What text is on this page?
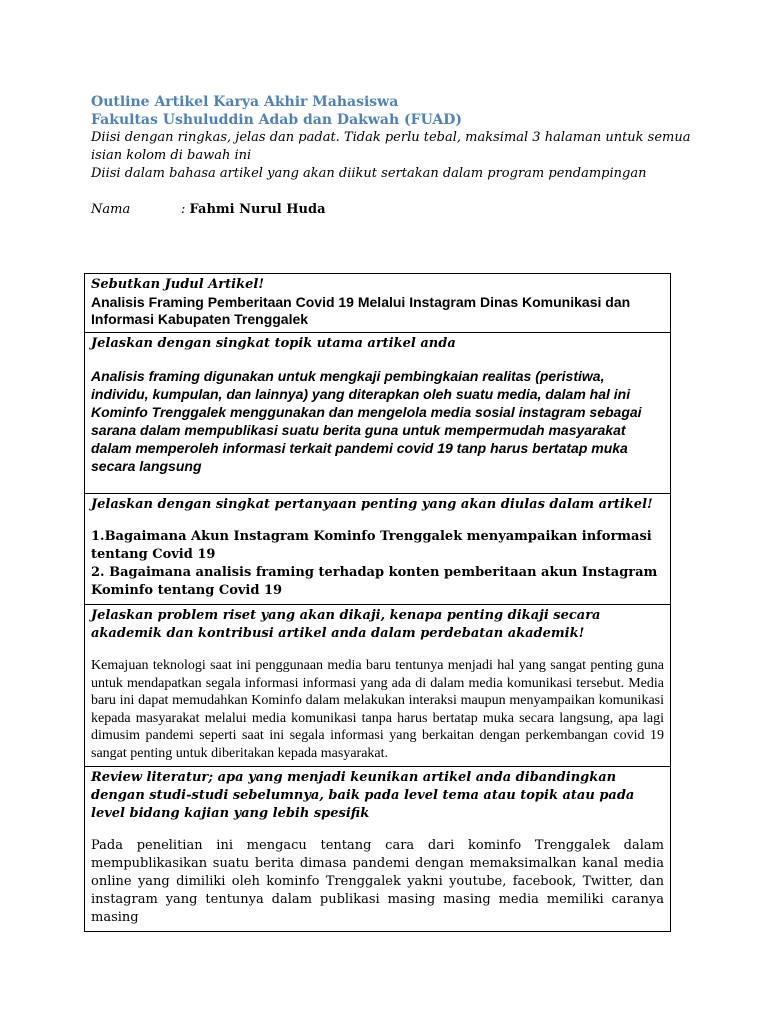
Outline Artikel Karya Akhir Mahasiswa
Fakultas Ushuluddin Adab dan Dakwah (FUAD)
Diisi dengan ringkas, jelas dan padat. Tidak perlu tebal, maksimal 3 halaman untuk semua isian kolom di bawah ini
Diisi dalam bahasa artikel yang akan diikut sertakan dalam program pendampingan
Nama	: Fahmi Nurul Huda
Sebutkan Judul Artikel!
Analisis Framing Pemberitaan Covid 19 Melalui Instagram Dinas Komunikasi dan Informasi Kabupaten Trenggalek
Jelaskan dengan singkat topik utama artikel anda
Analisis framing digunakan untuk mengkaji pembingkaian realitas (peristiwa, individu, kumpulan, dan lainnya) yang diterapkan oleh suatu media, dalam hal ini Kominfo Trenggalek menggunakan dan mengelola media sosial instagram sebagai sarana dalam mempublikasi suatu berita guna untuk mempermudah masyarakat dalam memperoleh informasi terkait pandemi covid 19 tanp harus bertatap muka secara langsung
Jelaskan dengan singkat pertanyaan penting yang akan diulas dalam artikel!
1.Bagaimana Akun Instagram Kominfo Trenggalek menyampaikan informasi tentang Covid 19
2. Bagaimana analisis framing terhadap konten pemberitaan akun Instagram Kominfo tentang Covid 19
Jelaskan problem riset yang akan dikaji, kenapa penting dikaji secara akademik dan kontribusi artikel anda dalam perdebatan akademik!
Kemajuan teknologi saat ini penggunaan media baru tentunya menjadi hal yang sangat penting guna untuk mendapatkan segala informasi informasi yang ada di dalam media komunikasi tersebut. Media baru ini dapat memudahkan Kominfo dalam melakukan interaksi maupun menyampaikan komunikasi kepada masyarakat melalui media komunikasi tanpa harus bertatap muka secara langsung, apa lagi dimusim pandemi seperti saat ini segala informasi yang berkaitan dengan perkembangan covid 19 sangat penting untuk diberitakan kepada masyarakat.
Review literatur; apa yang menjadi keunikan artikel anda dibandingkan dengan studi-studi sebelumnya, baik pada level tema atau topik atau pada level bidang kajian yang lebih spesifik
Pada penelitian ini mengacu tentang cara dari kominfo Trenggalek dalam mempublikasikan suatu berita dimasa pandemi dengan memaksimalkan kanal media online yang dimiliki oleh kominfo Trenggalek yakni youtube, facebook, Twitter, dan instagram yang tentunya dalam publikasi masing masing media memiliki caranya masing
